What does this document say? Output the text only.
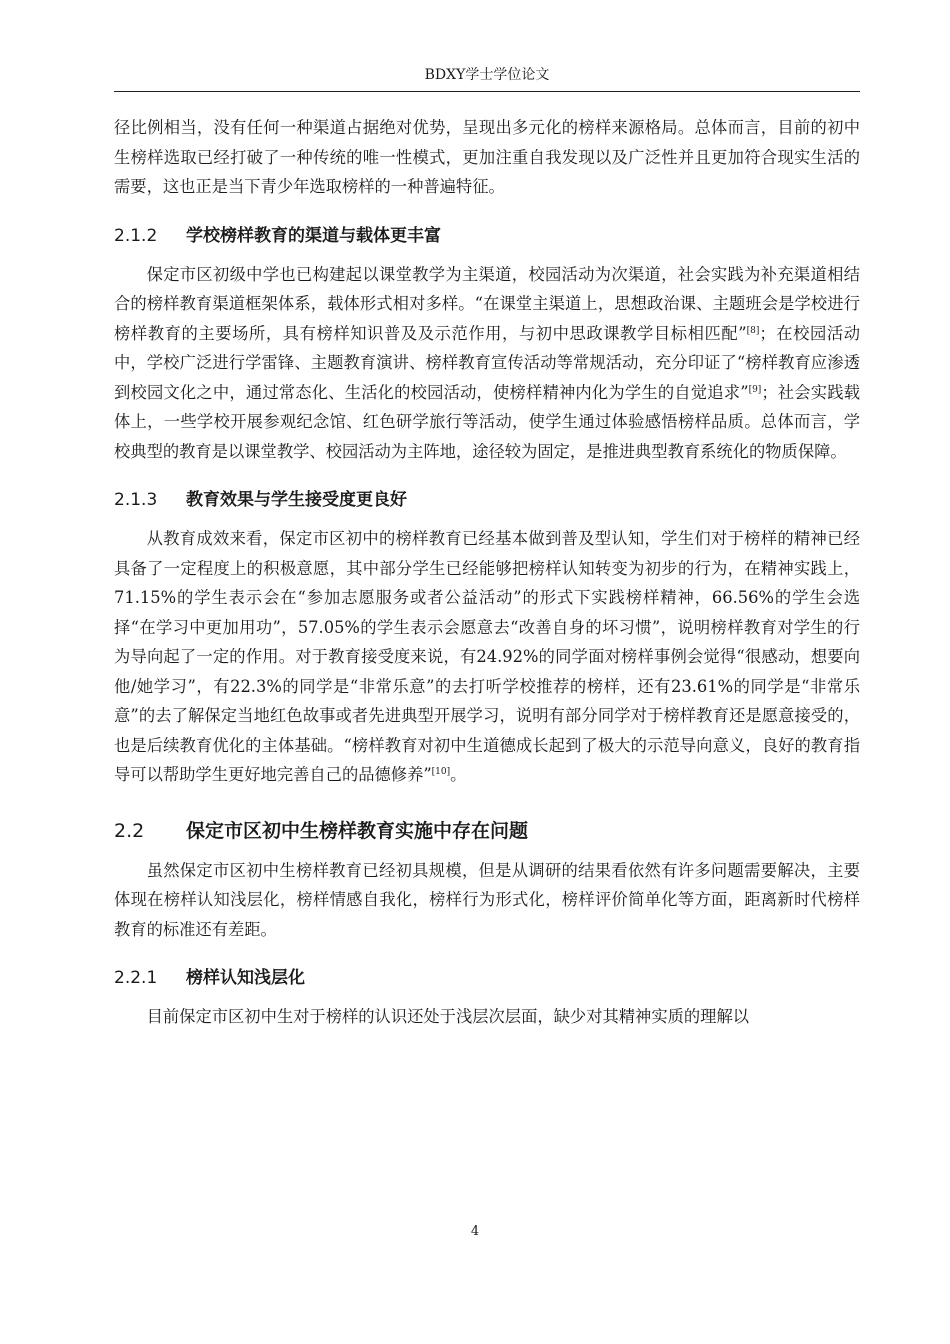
BDXY学士学位论文

径比例相当，没有任何一种渠道占据绝对优势，呈现出多元化的榜样来源格局。总体而言，目前的初中生榜样选取已经打破了一种传统的唯一性模式，更加注重自我发现以及广泛性并且更加符合现实生活的需要，这也正是当下青少年选取榜样的一种普遍特征。

2.1.2 学校榜样教育的渠道与载体更丰富

保定市区初级中学也已构建起以课堂教学为主渠道，校园活动为次渠道，社会实践为补充渠道相结合的榜样教育渠道框架体系，载体形式相对多样。“在课堂主渠道上，思想政治课、主题班会是学校进行榜样教育的主要场所，具有榜样知识普及及示范作用，与初中思政课教学目标相匹配”[8]；在校园活动中，学校广泛进行学雷锋、主题教育演讲、榜样教育宣传活动等常规活动，充分印证了“榜样教育应渗透到校园文化之中，通过常态化、生活化的校园活动，使榜样精神内化为学生的自觉追求”[9]；社会实践载体上，一些学校开展参观纪念馆、红色研学旅行等活动，使学生通过体验感悟榜样品质。总体而言，学校典型的教育是以课堂教学、校园活动为主阵地，途径较为固定，是推进典型教育系统化的物质保障。

2.1.3 教育效果与学生接受度更良好

从教育成效来看，保定市区初中的榜样教育已经基本做到普及型认知，学生们对于榜样的精神已经具备了一定程度上的积极意愿，其中部分学生已经能够把榜样认知转变为初步的行为，在精神实践上，71.15%的学生表示会在“参加志愿服务或者公益活动”的形式下实践榜样精神，66.56%的学生会选择“在学习中更加用功”，57.05%的学生表示会愿意去“改善自身的坏习惯”，说明榜样教育对学生的行为导向起了一定的作用。对于教育接受度来说，有24.92%的同学面对榜样事例会觉得“很感动，想要向他/她学习”，有22.3%的同学是“非常乐意”的去打听学校推荐的榜样，还有23.61%的同学是“非常乐意”的去了解保定当地红色故事或者先进典型开展学习，说明有部分同学对于榜样教育还是愿意接受的，也是后续教育优化的主体基础。“榜样教育对初中生道德成长起到了极大的示范导向意义，良好的教育指导可以帮助学生更好地完善自己的品德修养”[10]。

2.2 保定市区初中生榜样教育实施中存在问题

虽然保定市区初中生榜样教育已经初具规模，但是从调研的结果看依然有许多问题需要解决，主要体现在榜样认知浅层化，榜样情感自我化，榜样行为形式化，榜样评价简单化等方面，距离新时代榜样教育的标准还有差距。

2.2.1 榜样认知浅层化

目前保定市区初中生对于榜样的认识还处于浅层次层面，缺少对其精神实质的理解以

4
